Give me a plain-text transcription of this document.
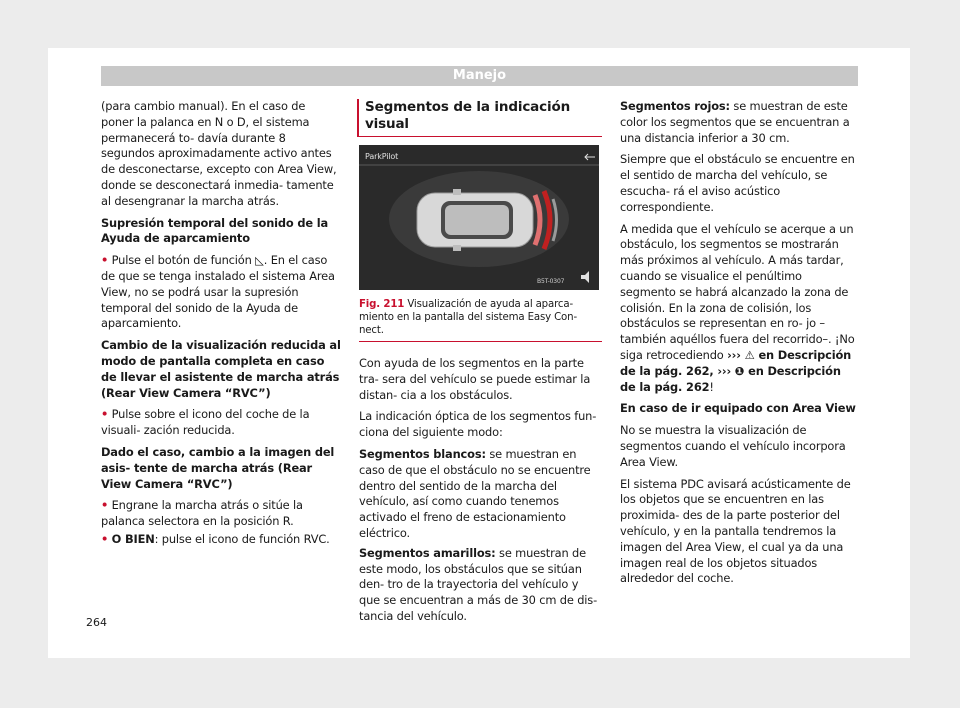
Manejo

(para cambio manual). En el caso de poner la palanca en N o D, el sistema permanecerá to- davía durante 8 segundos aproximadamente activo antes de desconectarse, excepto con Area View, donde se desconectará inmedia- tamente al desengranar la marcha atrás.

Supresión temporal del sonido de la Ayuda de aparcamiento

• Pulse el botón de función ◺. En el caso de que se tenga instalado el sistema Area View, no se podrá usar la supresión temporal del sonido de la Ayuda de aparcamiento.

Cambio de la visualización reducida al modo de pantalla completa en caso de llevar el asistente de marcha atrás (Rear View Camera “RVC”)

• Pulse sobre el icono del coche de la visuali- zación reducida.

Dado el caso, cambio a la imagen del asis- tente de marcha atrás (Rear View Camera “RVC”)

• Engrane la marcha atrás o sitúe la palanca selectora en la posición R.

• O BIEN: pulse el icono de función RVC.

Segmentos de la indicación visual
ParkPilot
B5T-0307
Fig. 211 Visualización de ayuda al aparca- miento en la pantalla del sistema Easy Con- nect.

Con ayuda de los segmentos en la parte tra- sera del vehículo se puede estimar la distan- cia a los obstáculos.

La indicación óptica de los segmentos fun- ciona del siguiente modo:

Segmentos blancos: se muestran en caso de que el obstáculo no se encuentre dentro del sentido de la marcha del vehículo, así como cuando tenemos activado el freno de estacionamiento eléctrico.
Segmentos amarillos: se muestran de este modo, los obstáculos que se sitúan den- tro de la trayectoria del vehículo y que se encuentran a más de 30 cm de dis- tancia del vehículo.
Segmentos rojos: se muestran de este color los segmentos que se encuentran a una distancia inferior a 30 cm.

Siempre que el obstáculo se encuentre en el sentido de marcha del vehículo, se escucha- rá el aviso acústico correspondiente.

A medida que el vehículo se acerque a un obstáculo, los segmentos se mostrarán más próximos al vehículo. A más tardar, cuando se visualice el penúltimo segmento se habrá alcanzado la zona de colisión. En la zona de colisión, los obstáculos se representan en ro- jo –también aquéllos fuera del recorrido–. ¡No siga retrocediendo ››› ⚠ en Descripción de la pág. 262, ››› ❶ en Descripción de la pág. 262!

En caso de ir equipado con Area View

No se muestra la visualización de segmentos cuando el vehículo incorpora Area View.

El sistema PDC avisará acústicamente de los objetos que se encuentren en las proximida- des de la parte posterior del vehículo, y en la pantalla tendremos la imagen del Area View, el cual ya da una imagen real de los objetos situados alrededor del coche.

264
